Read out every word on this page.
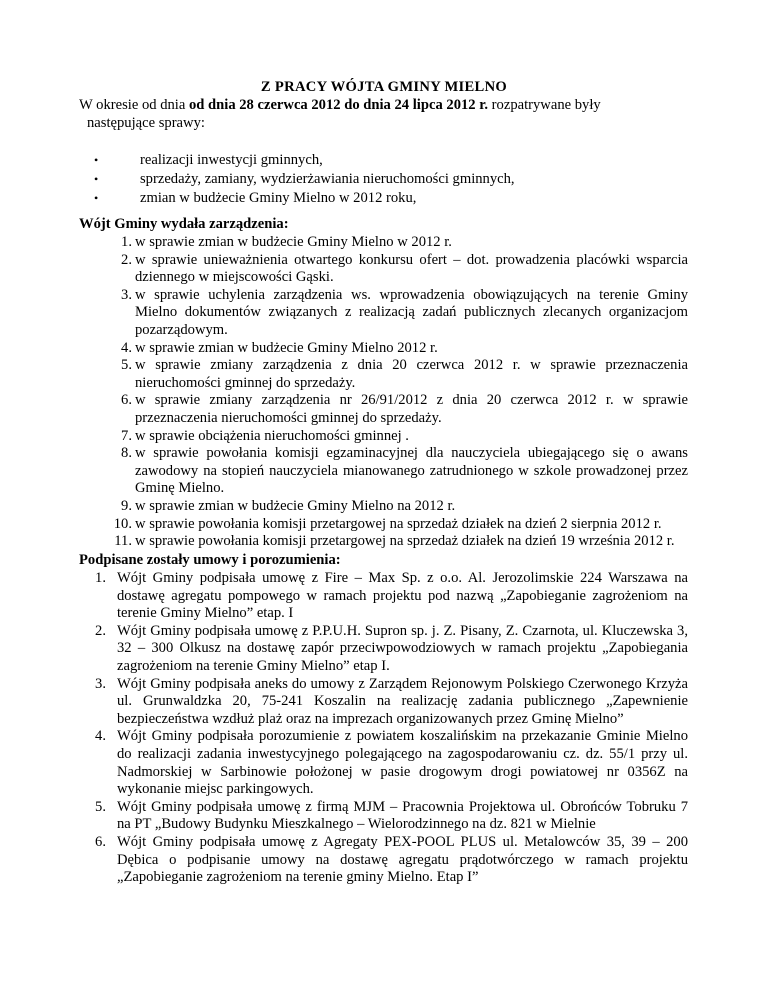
Z PRACY WÓJTA GMINY MIELNO

W okresie od dnia od dnia 28 czerwca 2012 do dnia 24 lipca 2012 r. rozpatrywane były

następujące sprawy:

•	realizacji inwestycji gminnych,
•	sprzedaży, zamiany, wydzierżawiania nieruchomości gminnych,
•	zmian w budżecie Gminy Mielno w 2012 roku,
Wójt Gminy wydała zarządzenia:
1. w sprawie zmian w budżecie Gminy Mielno w 2012 r.
2. w sprawie unieważnienia otwartego konkursu ofert – dot. prowadzenia placówki wsparcia dziennego w miejscowości Gąski.
3. w sprawie uchylenia zarządzenia ws. wprowadzenia obowiązujących na terenie Gminy Mielno dokumentów związanych z realizacją zadań publicznych zlecanych organizacjom pozarządowym.
4. w sprawie zmian w budżecie Gminy Mielno 2012 r.
5. w sprawie zmiany zarządzenia z dnia 20 czerwca 2012 r. w sprawie przeznaczenia nieruchomości gminnej do sprzedaży.
6. w sprawie zmiany zarządzenia nr 26/91/2012 z dnia 20 czerwca 2012 r. w sprawie przeznaczenia nieruchomości gminnej do sprzedaży.
7. w sprawie obciążenia nieruchomości gminnej .
8. w sprawie powołania komisji egzaminacyjnej dla nauczyciela ubiegającego się o awans zawodowy na stopień nauczyciela mianowanego zatrudnionego w szkole prowadzonej przez Gminę Mielno.
9. w sprawie zmian w budżecie Gminy Mielno na 2012 r.
10. w sprawie powołania komisji przetargowej na sprzedaż działek na dzień 2 sierpnia 2012 r.
11. w sprawie powołania komisji przetargowej na sprzedaż działek na dzień 19 września 2012 r.
Podpisane zostały umowy i porozumienia:
1. Wójt Gminy podpisała umowę z Fire – Max Sp. z o.o. Al. Jerozolimskie 224 Warszawa na dostawę agregatu pompowego w ramach projektu pod nazwą „Zapobieganie zagrożeniom na terenie Gminy Mielno” etap. I
2. Wójt Gminy podpisała umowę z P.P.U.H. Supron sp. j. Z. Pisany, Z. Czarnota, ul. Kluczewska 3, 32 – 300 Olkusz na dostawę zapór przeciwpowodziowych w ramach projektu „Zapobiegania zagrożeniom na terenie Gminy Mielno” etap I.
3. Wójt Gminy podpisała aneks do umowy z Zarządem Rejonowym Polskiego Czerwonego Krzyża ul. Grunwaldzka 20, 75-241 Koszalin na realizację zadania publicznego „Zapewnienie bezpieczeństwa wzdłuż plaż oraz na imprezach organizowanych przez Gminę Mielno”
4. Wójt Gminy podpisała porozumienie z powiatem koszalińskim na przekazanie Gminie Mielno do realizacji zadania inwestycyjnego polegającego na zagospodarowaniu cz. dz. 55/1 przy ul. Nadmorskiej w Sarbinowie położonej w pasie drogowym drogi powiatowej nr 0356Z na wykonanie miejsc parkingowych.
5. Wójt Gminy podpisała umowę z firmą MJM – Pracownia Projektowa ul. Obrońców Tobruku 7 na PT „Budowy Budynku Mieszkalnego – Wielorodzinnego na dz. 821 w Mielnie
6. Wójt Gminy podpisała umowę z Agregaty PEX-POOL PLUS ul. Metalowców 35, 39 – 200 Dębica o podpisanie umowy na dostawę agregatu prądotwórczego w ramach projektu „Zapobieganie zagrożeniom na terenie gminy Mielno. Etap I”
